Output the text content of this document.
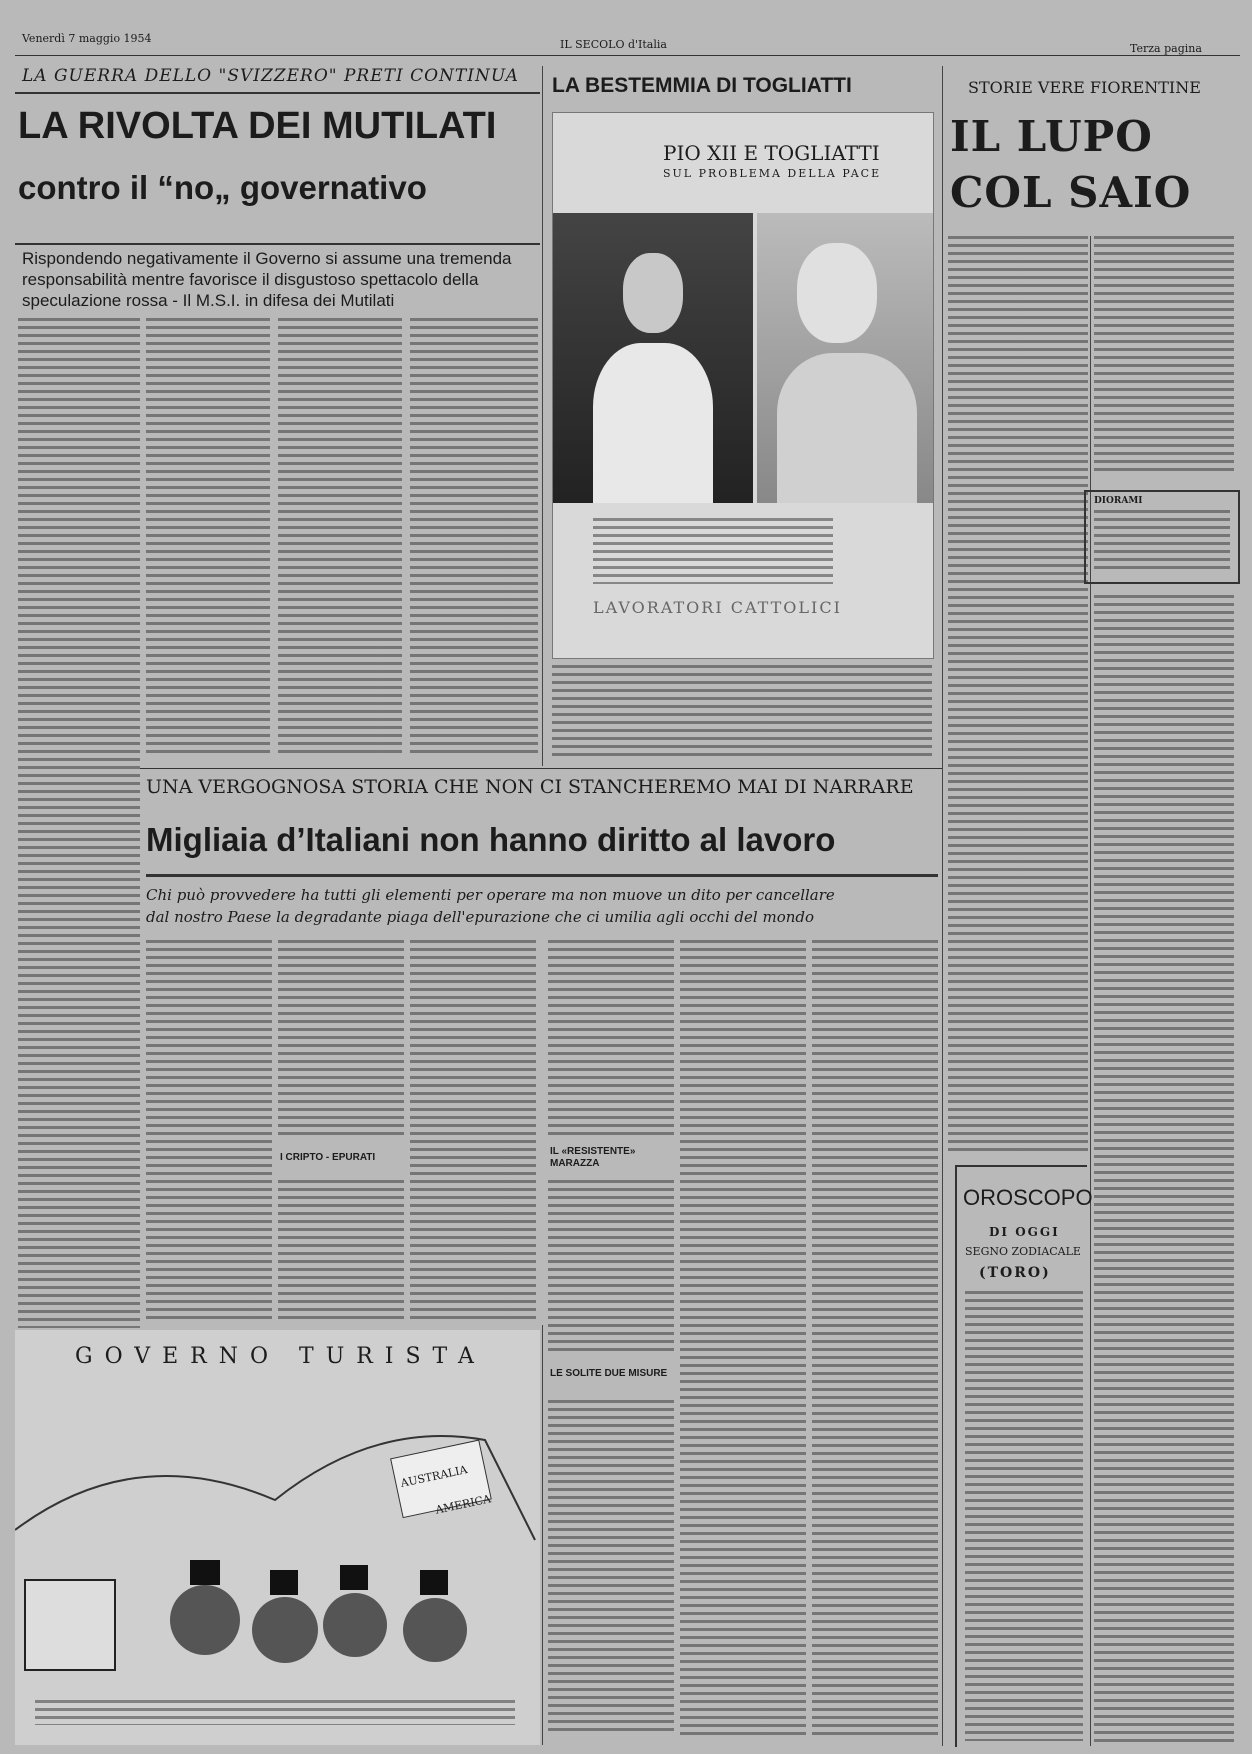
Venerdì 7 maggio 1954	IL SECOLO d'Italia	Terza pagina
LA GUERRA DELLO "SVIZZERO" PRETI CONTINUA
LA RIVOLTA DEI MUTILATI
contro il “no„ governativo
Rispondendo negativamente il Governo si assume una tremenda responsabilità mentre favorisce il disgustoso spettacolo della speculazione rossa - Il M.S.I. in difesa dei Mutilati
LA BESTEMMIA DI TOGLIATTI
PIO XII E TOGLIATTI
SUL PROBLEMA DELLA PACE
LAVORATORI CATTOLICI
STORIE VERE FIORENTINE
IL LUPO
COL SAIO
DIORAMI
UNA VERGOGNOSA STORIA CHE NON CI STANCHEREMO MAI DI NARRARE
Migliaia d’Italiani non hanno diritto al lavoro
Chi può provvedere ha tutti gli elementi per operare ma non muove un dito per cancellare
dal nostro Paese la degradante piaga dell'epurazione che ci umilia agli occhi del mondo
I CRIPTO - EPURATI
IL «RESISTENTE» MARAZZA
LE SOLITE DUE MISURE
GOVERNO TURISTA
AUSTRALIA
AMERICA
OROSCOPO
DI OGGI
SEGNO ZODIACALE
(TORO)
